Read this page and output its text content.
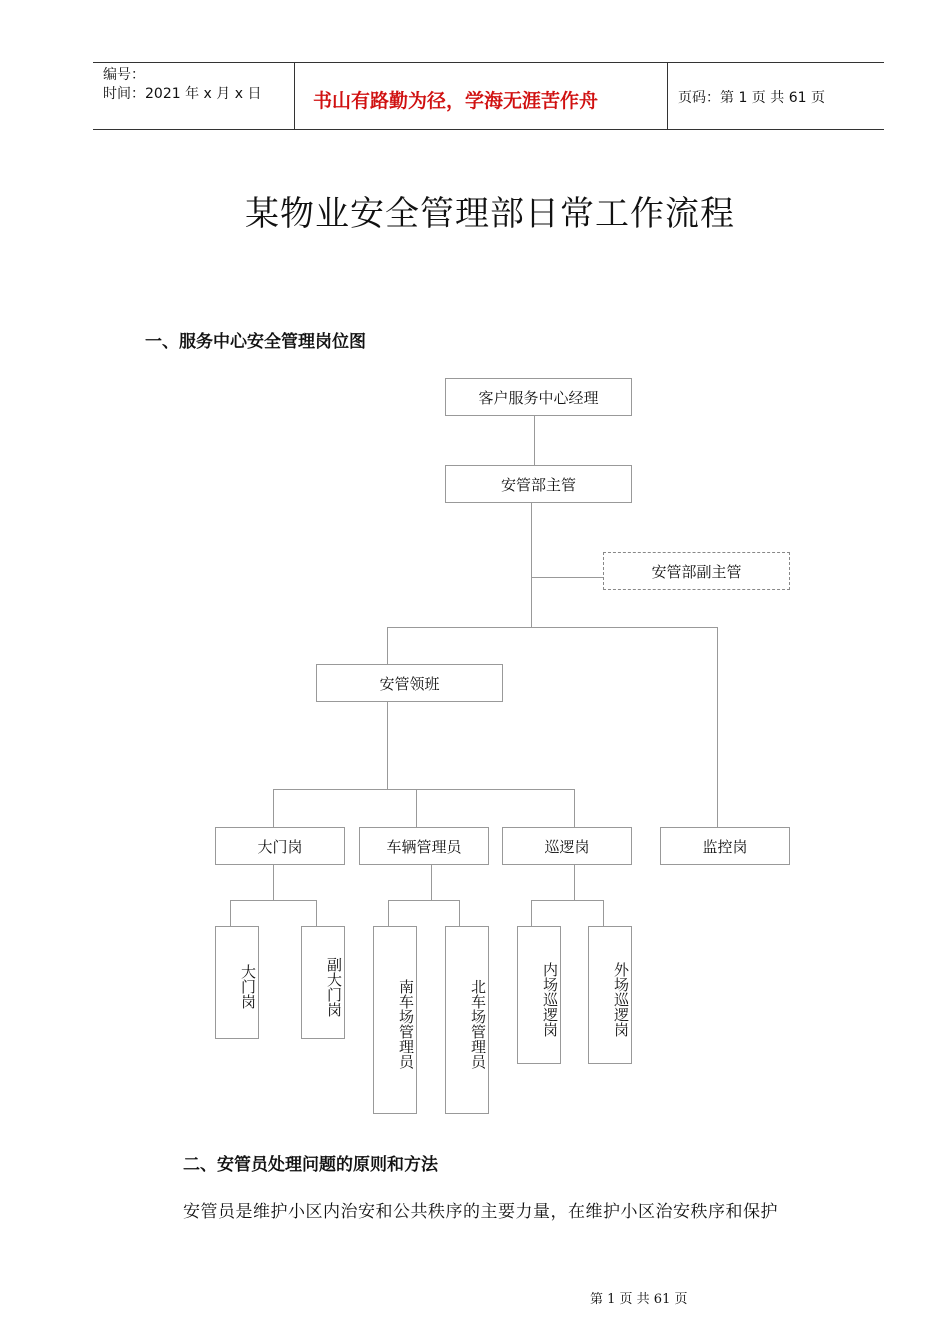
编号：
时间：2021 年 x 月 x 日	书山有路勤为径，学海无涯苦作舟	页码：第 1 页 共 61 页
某物业安全管理部日常工作流程
一、服务中心安全管理岗位图
客户服务中心经理
安管部主管
安管部副主管
安管领班
大门岗	车辆管理员	巡逻岗	监控岗
大门岗	副大门岗	南车场管理员	北车场管理员	内场巡逻岗	外场巡逻岗
二、安管员处理问题的原则和方法
安管员是维护小区内治安和公共秩序的主要力量，在维护小区治安秩序和保护
第 1 页 共 61 页
